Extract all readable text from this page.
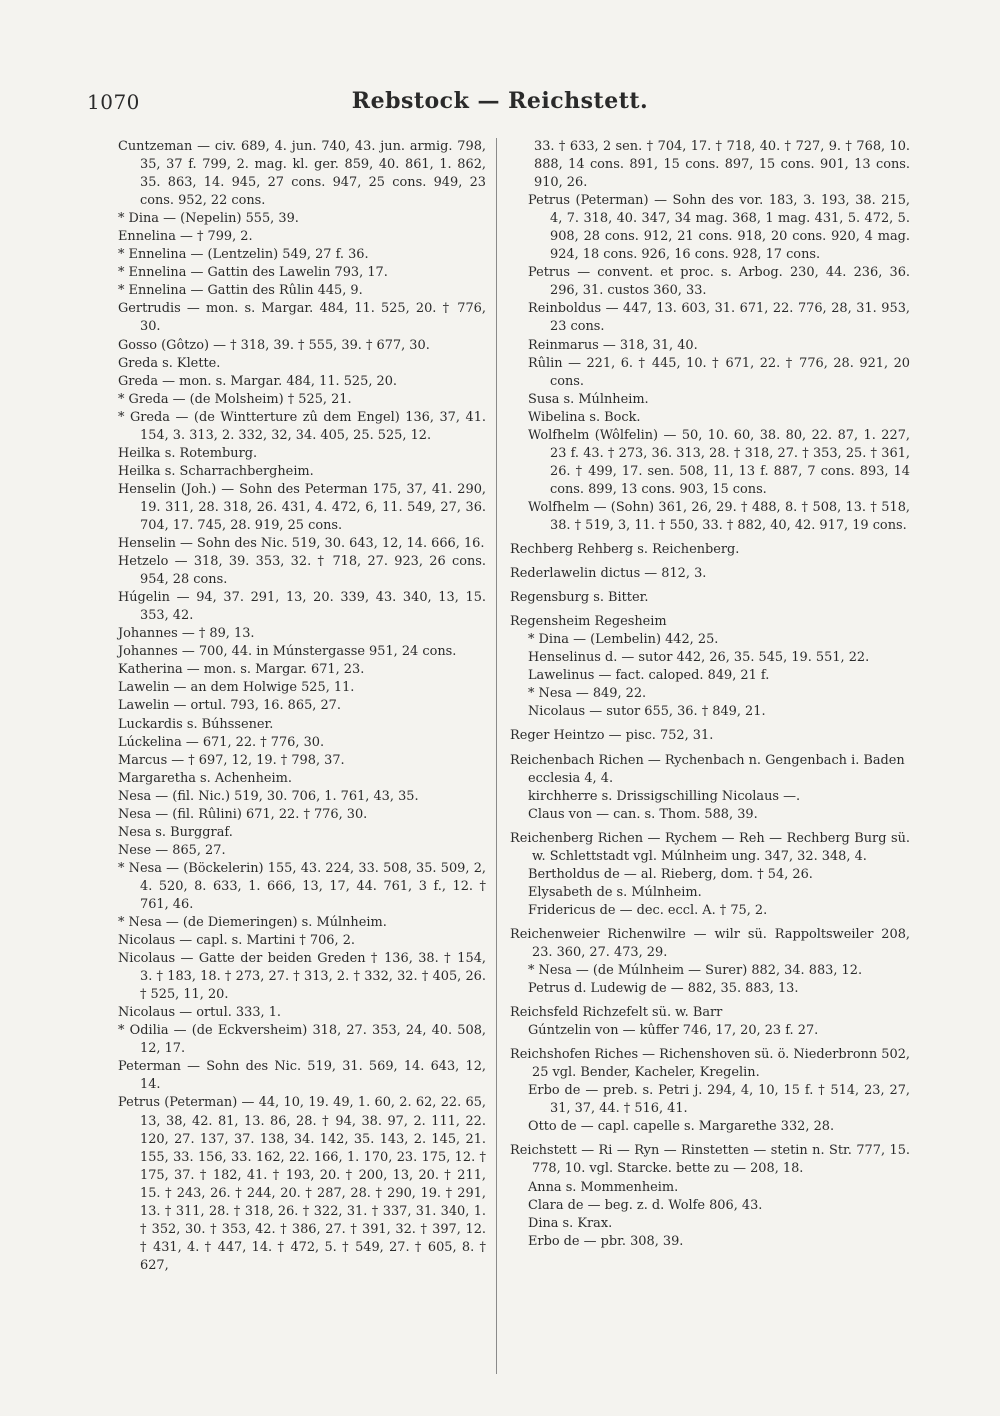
1070	Rebstock — Reichstett.
Cuntzeman — civ. 689, 4. jun. 740, 43. jun. armig. 798, 35, 37 f. 799, 2. mag. kl. ger. 859, 40. 861, 1. 862, 35. 863, 14. 945, 27 cons. 947, 25 cons. 949, 23 cons. 952, 22 cons.
* Dina — (Nepelin) 555, 39.
Ennelina — † 799, 2.
* Ennelina — (Lentzelin) 549, 27 f. 36.
* Ennelina — Gattin des Lawelin 793, 17.
* Ennelina — Gattin des Rûlin 445, 9.
Gertrudis — mon. s. Margar. 484, 11. 525, 20. † 776, 30.
Gosso (Gôtzo) — † 318, 39. † 555, 39. † 677, 30.
Greda s. Klette.
Greda — mon. s. Margar. 484, 11. 525, 20.
* Greda — (de Molsheim) † 525, 21.
* Greda — (de Wintterture zû dem Engel) 136, 37, 41. 154, 3. 313, 2. 332, 32, 34. 405, 25. 525, 12.
Heilka s. Rotemburg.
Heilka s. Scharrachbergheim.
Henselin (Joh.) — Sohn des Peterman 175, 37, 41. 290, 19. 311, 28. 318, 26. 431, 4. 472, 6, 11. 549, 27, 36. 704, 17. 745, 28. 919, 25 cons.
Henselin — Sohn des Nic. 519, 30. 643, 12, 14. 666, 16.
Hetzelo — 318, 39. 353, 32. † 718, 27. 923, 26 cons. 954, 28 cons.
Húgelin — 94, 37. 291, 13, 20. 339, 43. 340, 13, 15. 353, 42.
Johannes — † 89, 13.
Johannes — 700, 44. in Múnstergasse 951, 24 cons.
Katherina — mon. s. Margar. 671, 23.
Lawelin — an dem Holwige 525, 11.
Lawelin — ortul. 793, 16. 865, 27.
Luckardis s. Búhssener.
Lúckelina — 671, 22. † 776, 30.
Marcus — † 697, 12, 19. † 798, 37.
Margaretha s. Achenheim.
Nesa — (fil. Nic.) 519, 30. 706, 1. 761, 43, 35.
Nesa — (fil. Rûlini) 671, 22. † 776, 30.
Nesa s. Burggraf.
Nese — 865, 27.
* Nesa — (Böckelerin) 155, 43. 224, 33. 508, 35. 509, 2, 4. 520, 8. 633, 1. 666, 13, 17, 44. 761, 3 f., 12. † 761, 46.
* Nesa — (de Diemeringen) s. Múlnheim.
Nicolaus — capl. s. Martini † 706, 2.
Nicolaus — Gatte der beiden Greden † 136, 38. † 154, 3. † 183, 18. † 273, 27. † 313, 2. † 332, 32. † 405, 26. † 525, 11, 20.
Nicolaus — ortul. 333, 1.
* Odilia — (de Eckversheim) 318, 27. 353, 24, 40. 508, 12, 17.
Peterman — Sohn des Nic. 519, 31. 569, 14. 643, 12, 14.
Petrus (Peterman) — 44, 10, 19. 49, 1. 60, 2. 62, 22. 65, 13, 38, 42. 81, 13. 86, 28. † 94, 38. 97, 2. 111, 22. 120, 27. 137, 37. 138, 34. 142, 35. 143, 2. 145, 21. 155, 33. 156, 33. 162, 22. 166, 1. 170, 23. 175, 12. † 175, 37. † 182, 41. † 193, 20. † 200, 13, 20. † 211, 15. † 243, 26. † 244, 20. † 287, 28. † 290, 19. † 291, 13. † 311, 28. † 318, 26. † 322, 31. † 337, 31. 340, 1. † 352, 30. † 353, 42. † 386, 27. † 391, 32. † 397, 12. † 431, 4. † 447, 14. † 472, 5. † 549, 27. † 605, 8. † 627,
33. † 633, 2 sen. † 704, 17. † 718, 40. † 727, 9. † 768, 10. 888, 14 cons. 891, 15 cons. 897, 15 cons. 901, 13 cons. 910, 26.
Petrus (Peterman) — Sohn des vor. 183, 3. 193, 38. 215, 4, 7. 318, 40. 347, 34 mag. 368, 1 mag. 431, 5. 472, 5. 908, 28 cons. 912, 21 cons. 918, 20 cons. 920, 4 mag. 924, 18 cons. 926, 16 cons. 928, 17 cons.
Petrus — convent. et proc. s. Arbog. 230, 44. 236, 36. 296, 31. custos 360, 33.
Reinboldus — 447, 13. 603, 31. 671, 22. 776, 28, 31. 953, 23 cons.
Reinmarus — 318, 31, 40.
Rûlin — 221, 6. † 445, 10. † 671, 22. † 776, 28. 921, 20 cons.
Susa s. Múlnheim.
Wibelina s. Bock.
Wolfhelm (Wôlfelin) — 50, 10. 60, 38. 80, 22. 87, 1. 227, 23 f. 43. † 273, 36. 313, 28. † 318, 27. † 353, 25. † 361, 26. † 499, 17. sen. 508, 11, 13 f. 887, 7 cons. 893, 14 cons. 899, 13 cons. 903, 15 cons.
Wolfhelm — (Sohn) 361, 26, 29. † 488, 8. † 508, 13. † 518, 38. † 519, 3, 11. † 550, 33. † 882, 40, 42. 917, 19 cons.
Rechberg Rehberg s. Reichenberg.
Rederlawelin dictus — 812, 3.
Regensburg s. Bitter.
Regensheim Regesheim
* Dina — (Lembelin) 442, 25.
Henselinus d. — sutor 442, 26, 35. 545, 19. 551, 22.
Lawelinus — fact. caloped. 849, 21 f.
* Nesa — 849, 22.
Nicolaus — sutor 655, 36. † 849, 21.
Reger Heintzo — pisc. 752, 31.
Reichenbach Richen — Rychenbach n. Gengenbach i. Baden
ecclesia 4, 4.
kirchherre s. Drissigschilling Nicolaus —.
Claus von — can. s. Thom. 588, 39.
Reichenberg Richen — Rychem — Reh — Rechberg Burg sü. w. Schlettstadt vgl. Múlnheim ung. 347, 32. 348, 4.
Bertholdus de — al. Rieberg, dom. † 54, 26.
Elysabeth de s. Múlnheim.
Fridericus de — dec. eccl. A. † 75, 2.
Reichenweier Richenwilre — wilr sü. Rappoltsweiler 208, 23. 360, 27. 473, 29.
* Nesa — (de Múlnheim — Surer) 882, 34. 883, 12.
Petrus d. Ludewig de — 882, 35. 883, 13.
Reichsfeld Richzefelt sü. w. Barr
Gúntzelin von — kûffer 746, 17, 20, 23 f. 27.
Reichshofen Riches — Richenshoven sü. ö. Niederbronn 502, 25 vgl. Bender, Kacheler, Kregelin.
Erbo de — preb. s. Petri j. 294, 4, 10, 15 f. † 514, 23, 27, 31, 37, 44. † 516, 41.
Otto de — capl. capelle s. Margarethe 332, 28.
Reichstett — Ri — Ryn — Rinstetten — stetin n. Str. 777, 15. 778, 10. vgl. Starcke. bette zu — 208, 18.
Anna s. Mommenheim.
Clara de — beg. z. d. Wolfe 806, 43.
Dina s. Krax.
Erbo de — pbr. 308, 39.
